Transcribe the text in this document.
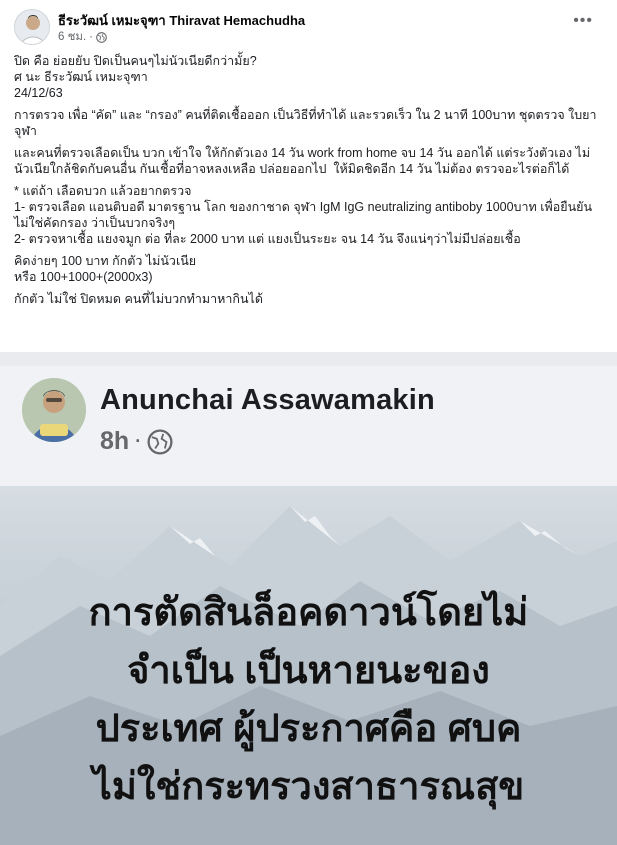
ธีระวัฒน์ เหมะจุฑา Thiravat Hemachudha
6 ชม. ·
•••
ปิด คือ ย่อยยับ ปิดเป็นคนๆไม่นัวเนียดีกว่ามั้ย?
ศ นะ ธีระวัฒน์ เหมะจุฑา
24/12/63
การตรวจ เพื่อ “คัด” และ “กรอง” คนที่ติดเชื้อออก เป็นวิธีที่ทำได้ และรวดเร็ว ใน 2 นาที 100บาท ชุดตรวจ ใบยา จุฬา
และคนที่ตรวจเลือดเป็น บวก เข้าใจ ให้กักตัวเอง 14 วัน work from home จบ 14 วัน ออกได้ แต่ระวังตัวเอง ไม่นัวเนียใกล้ชิดกับคนอื่น กันเชื้อที่อาจหลงเหลือ ปล่อยออกไป  ให้มิดชิดอีก 14 วัน ไม่ต้อง ตรวจอะไรต่อก็ได้
* แต่ถ้า เลือดบวก แล้วอยากตรวจ
1- ตรวจเลือด แอนติบอดี มาตรฐาน โลก ของกาชาด จุฬา IgM IgG neutralizing antiboby 1000บาท เพื่อยืนยันไม่ใช่คัดกรอง ว่าเป็นบวกจริงๆ
2- ตรวจหาเชื้อ แยงจมูก ต่อ ที่ละ 2000 บาท แต่ แยงเป็นระยะ จน 14 วัน จึงแน่ๆว่าไม่มีปล่อยเชื้อ
คิดง่ายๆ 100 บาท กักตัว ไม่นัวเนีย
หรือ 100+1000+(2000x3)
กักตัว ไม่ใช่ ปิดหมด คนที่ไม่บวกทำมาหากินได้
Anunchai Assawamakin
8h ·
การตัดสินล็อคดาวน์โดยไม่
จำเป็น เป็นหายนะของ
ประเทศ ผู้ประกาศคือ ศบค
ไม่ใช่กระทรวงสาธารณสุข
